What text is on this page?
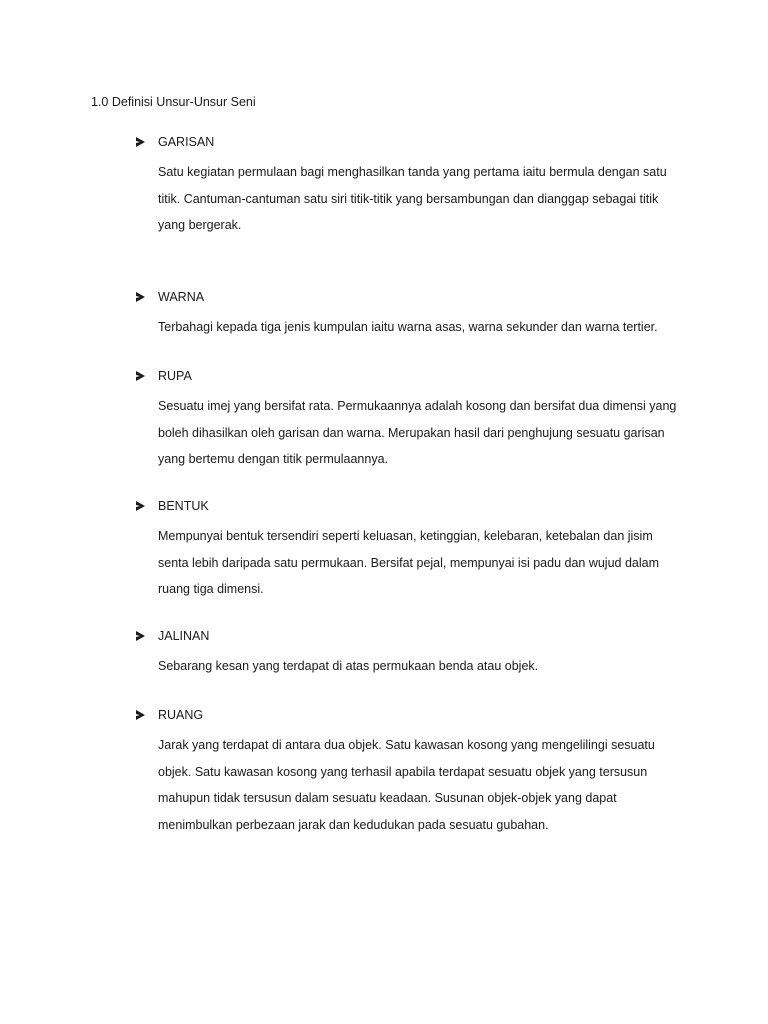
1.0 Definisi Unsur-Unsur Seni
GARISAN
Satu kegiatan permulaan bagi menghasilkan tanda yang pertama iaitu bermula dengan satu
titik. Cantuman-cantuman satu siri titik-titik yang bersambungan dan dianggap sebagai titik
yang bergerak.
WARNA
Terbahagi kepada tiga jenis kumpulan iaitu warna asas, warna sekunder dan warna tertier.
RUPA
Sesuatu imej yang bersifat rata. Permukaannya adalah kosong dan bersifat dua dimensi yang
boleh dihasilkan oleh garisan dan warna. Merupakan hasil dari penghujung sesuatu garisan
yang bertemu dengan titik permulaannya.
BENTUK
Mempunyai bentuk tersendiri seperti keluasan, ketinggian, kelebaran, ketebalan dan jisim
senta lebih daripada satu permukaan. Bersifat pejal, mempunyai isi padu dan wujud dalam
ruang tiga dimensi.
JALINAN
Sebarang kesan yang terdapat di atas permukaan benda atau objek.
RUANG
Jarak yang terdapat di antara dua objek. Satu kawasan kosong yang mengelilingi sesuatu
objek. Satu kawasan kosong yang terhasil apabila terdapat sesuatu objek yang tersusun
mahupun tidak tersusun dalam sesuatu keadaan. Susunan objek-objek yang dapat
menimbulkan perbezaan jarak dan kedudukan pada sesuatu gubahan.
